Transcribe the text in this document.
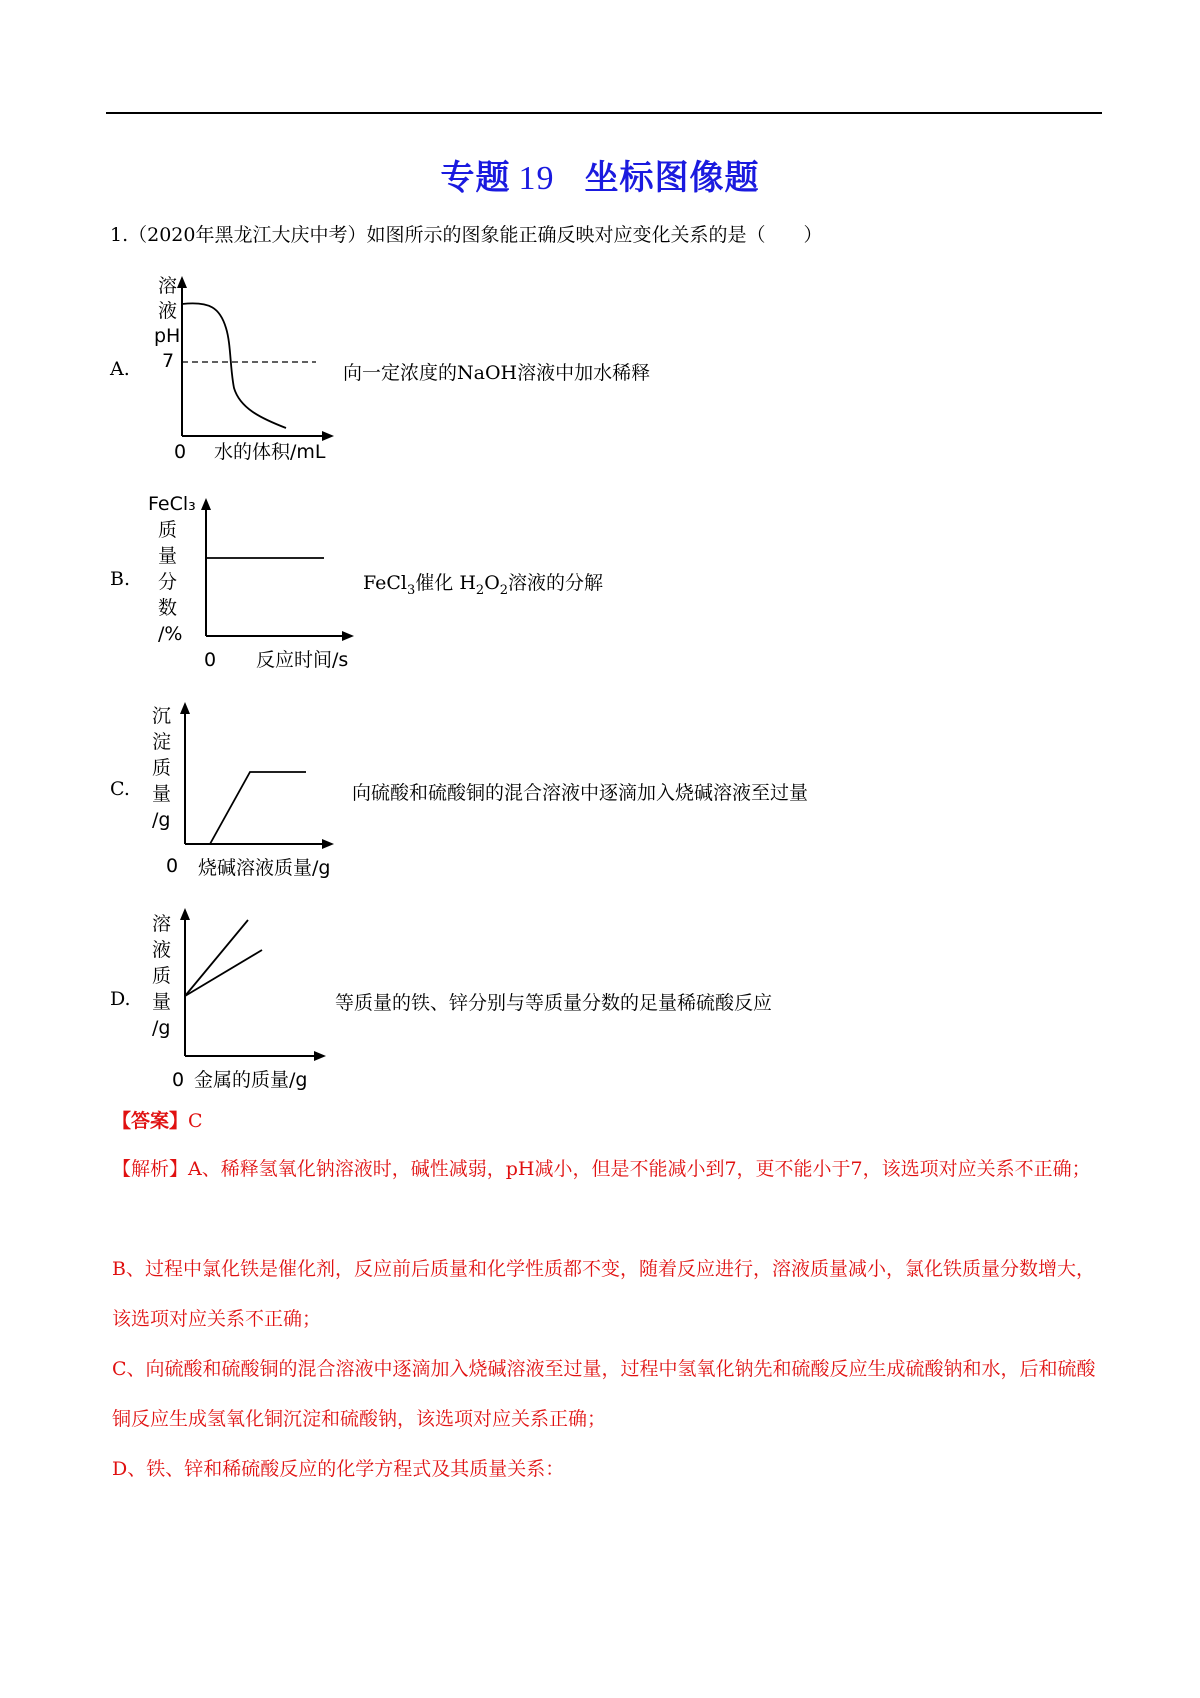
专题 19 坐标图像题
1.（2020年黑龙江大庆中考）如图所示的图象能正确反映对应变化关系的是（　　）
A.
溶
液
pH
7
0 水的体积/mL
向一定浓度的NaOH溶液中加水稀释
B.
FeCl₃
质
量
分
数
/%
0 反应时间/s
FeCl$_3$催化 $H_2O_2$溶液的分解
C.
沉
淀
质
量
/g
0 烧碱溶液质量/g
向硫酸和硫酸铜的混合溶液中逐滴加入烧碱溶液至过量
D.
溶
液
质
量
/g
0 金属的质量/g
等质量的铁、锌分别与等质量分数的足量稀硫酸反应
【答案】C
【解析】A、稀释氢氧化钠溶液时，碱性减弱，pH减小，但是不能减小到7，更不能小于7，该选项对应关系不正确；
B、过程中氯化铁是催化剂，反应前后质量和化学性质都不变，随着反应进行，溶液质量减小，氯化铁质量分数增大，该选项对应关系不正确；
C、向硫酸和硫酸铜的混合溶液中逐滴加入烧碱溶液至过量，过程中氢氧化钠先和硫酸反应生成硫酸钠和水，后和硫酸铜反应生成氢氧化铜沉淀和硫酸钠，该选项对应关系正确；
D、铁、锌和稀硫酸反应的化学方程式及其质量关系：
